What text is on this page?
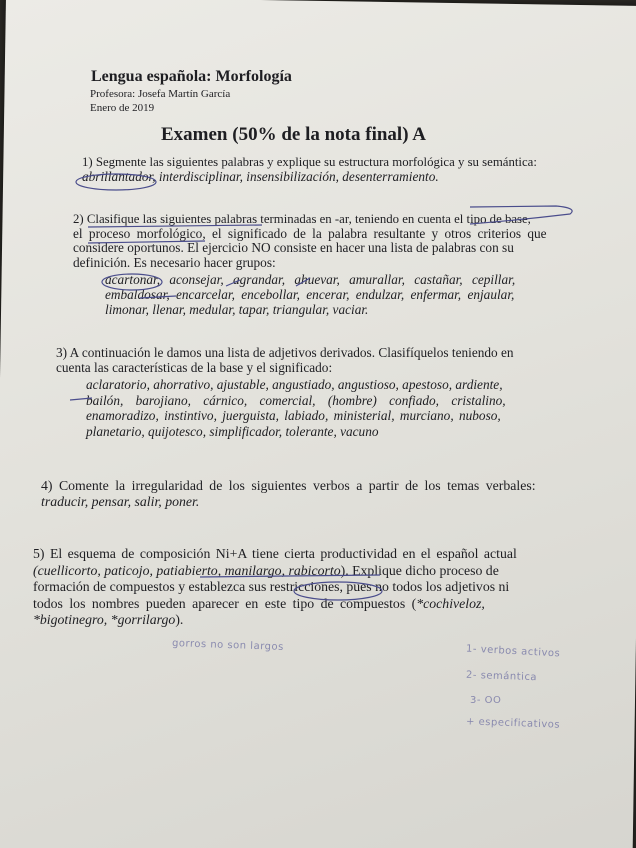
Lengua española: Morfología
Profesora: Josefa Martín García
Enero de 2019
Examen (50% de la nota final) A
1) Segmente las siguientes palabras y explique su estructura morfológica y su semántica:
abrillantador, interdisciplinar, insensibilización, desenterramiento.
2) Clasifique las siguientes palabras terminadas en -ar, teniendo en cuenta el tipo de base,
el proceso morfológico, el significado de la palabra resultante y otros criterios que
considere oportunos. El ejercicio NO consiste en hacer una lista de palabras con su
definición. Es necesario hacer grupos:
acartonar, aconsejar, agrandar, ahuevar, amurallar, castañar, cepillar,
embaldosar, encarcelar, encebollar, encerar, endulzar, enfermar, enjaular,
limonar, llenar, medular, tapar, triangular, vaciar.
3) A continuación le damos una lista de adjetivos derivados. Clasifíquelos teniendo en
cuenta las características de la base y el significado:
aclaratorio, ahorrativo, ajustable, angustiado, angustioso, apestoso, ardiente,
bailón, barojiano, cárnico, comercial, (hombre) confiado, cristalino,
enamoradizo, instintivo, juerguista, labiado, ministerial, murciano, nuboso,
planetario, quijotesco, simplificador, tolerante, vacuno
4) Comente la irregularidad de los siguientes verbos a partir de los temas verbales:
traducir, pensar, salir, poner.
5) El esquema de composición Ni+A tiene cierta productividad en el español actual
(cuellicorto, paticojo, patiabierto, manilargo, rabicorto). Explique dicho proceso de
formación de compuestos y establezca sus restricciones, pues no todos los adjetivos ni
todos los nombres pueden aparecer en este tipo de compuestos (*cochiveloz,
*bigotinegro, *gorrilargo).
gorros no son largos	1- verbos activos
2- semántica
3- OO
+ especificativos
